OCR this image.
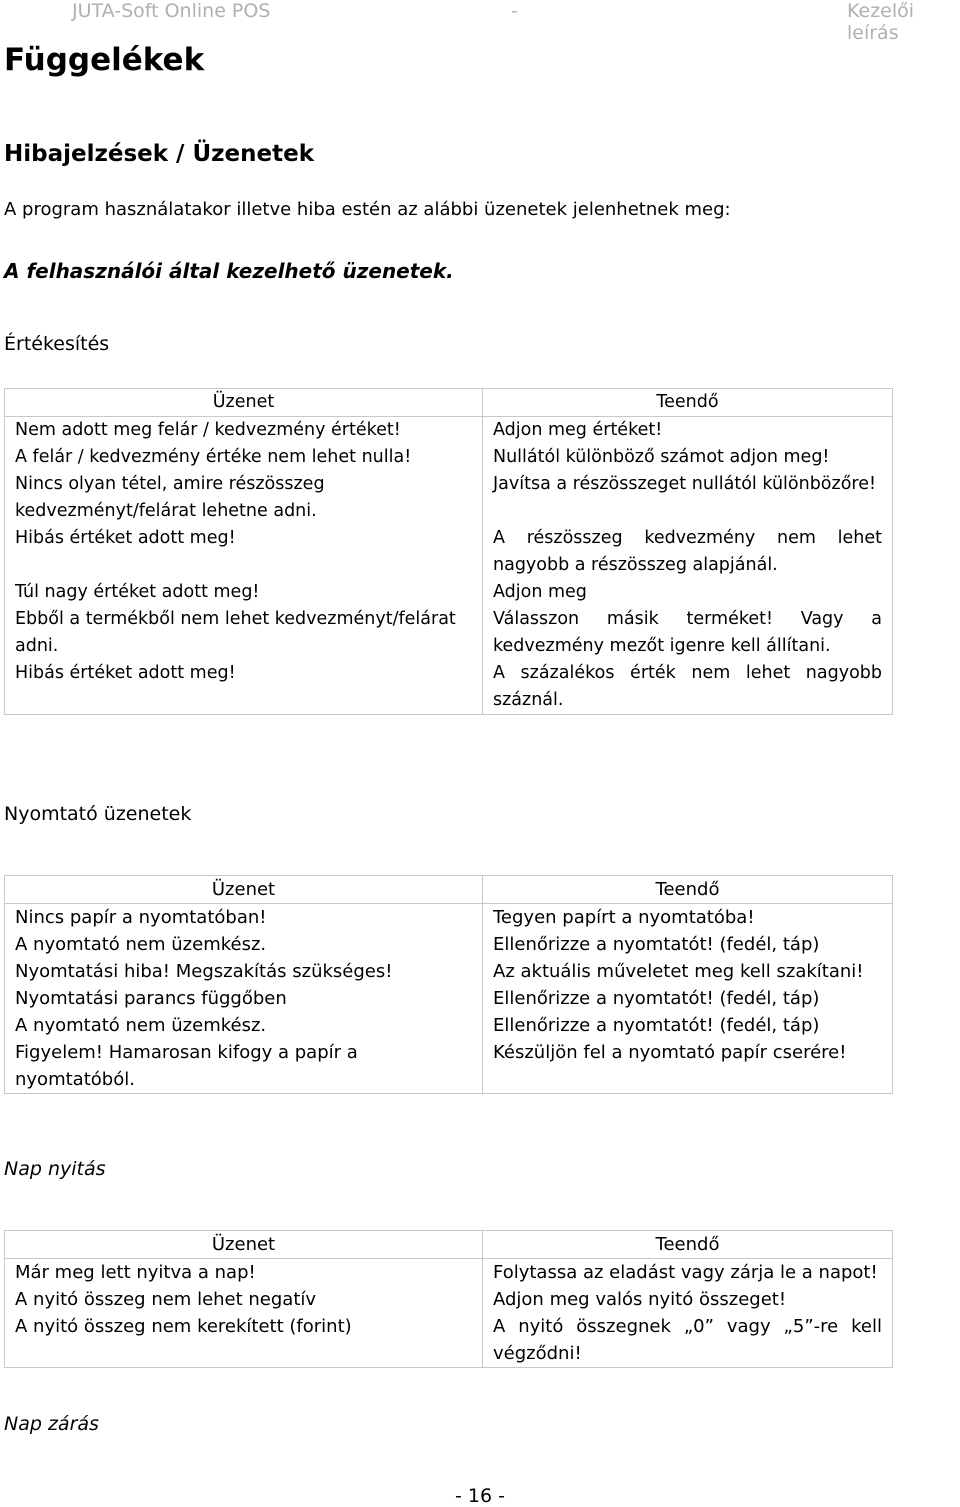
JUTA-Soft Online POS	-	Kezelői leírás
Függelékek
Hibajelzések / Üzenetek
A program használatakor illetve hiba estén az alábbi üzenetek jelenhetnek meg:
A felhasználói által kezelhető üzenetek.
Értékesítés
Üzenet	Teendő
Nem adott meg felár / kedvezmény értéket!	Adjon meg értéket!
A felár / kedvezmény értéke nem lehet nulla!	Nullától különböző számot adjon meg!
Nincs olyan tétel, amire részösszeg kedvezményt/felárat lehetne adni.	Javítsa a részösszeget nullától különbözőre!
Hibás értéket adott meg!	A részösszeg kedvezmény nem lehet nagyobb a részösszeg alapjánál.
Túl nagy értéket adott meg!	Adjon meg
Ebből a termékből nem lehet kedvezményt/felárat adni.	Válasszon másik terméket! Vagy a kedvezmény mezőt igenre kell állítani.
Hibás értéket adott meg!	A százalékos érték nem lehet nagyobb száznál.
Nyomtató üzenetek
Üzenet	Teendő
Nincs papír a nyomtatóban!	Tegyen papírt a nyomtatóba!
A nyomtató nem üzemkész.	Ellenőrizze a nyomtatót! (fedél, táp)
Nyomtatási hiba! Megszakítás szükséges!	Az aktuális műveletet meg kell szakítani!
Nyomtatási parancs függőben	Ellenőrizze a nyomtatót! (fedél, táp)
A nyomtató nem üzemkész.	Ellenőrizze a nyomtatót! (fedél, táp)
Figyelem! Hamarosan kifogy a papír a nyomtatóból.	Készüljön fel a nyomtató papír cserére!
Nap nyitás
Üzenet	Teendő
Már meg lett nyitva a nap!	Folytassa az eladást vagy zárja le a napot!
A nyitó összeg nem lehet negatív	Adjon meg valós nyitó összeget!
A nyitó összeg nem kerekített (forint)	A nyitó összegnek „0” vagy „5”-re kell végződni!
Nap zárás
- 16 -
